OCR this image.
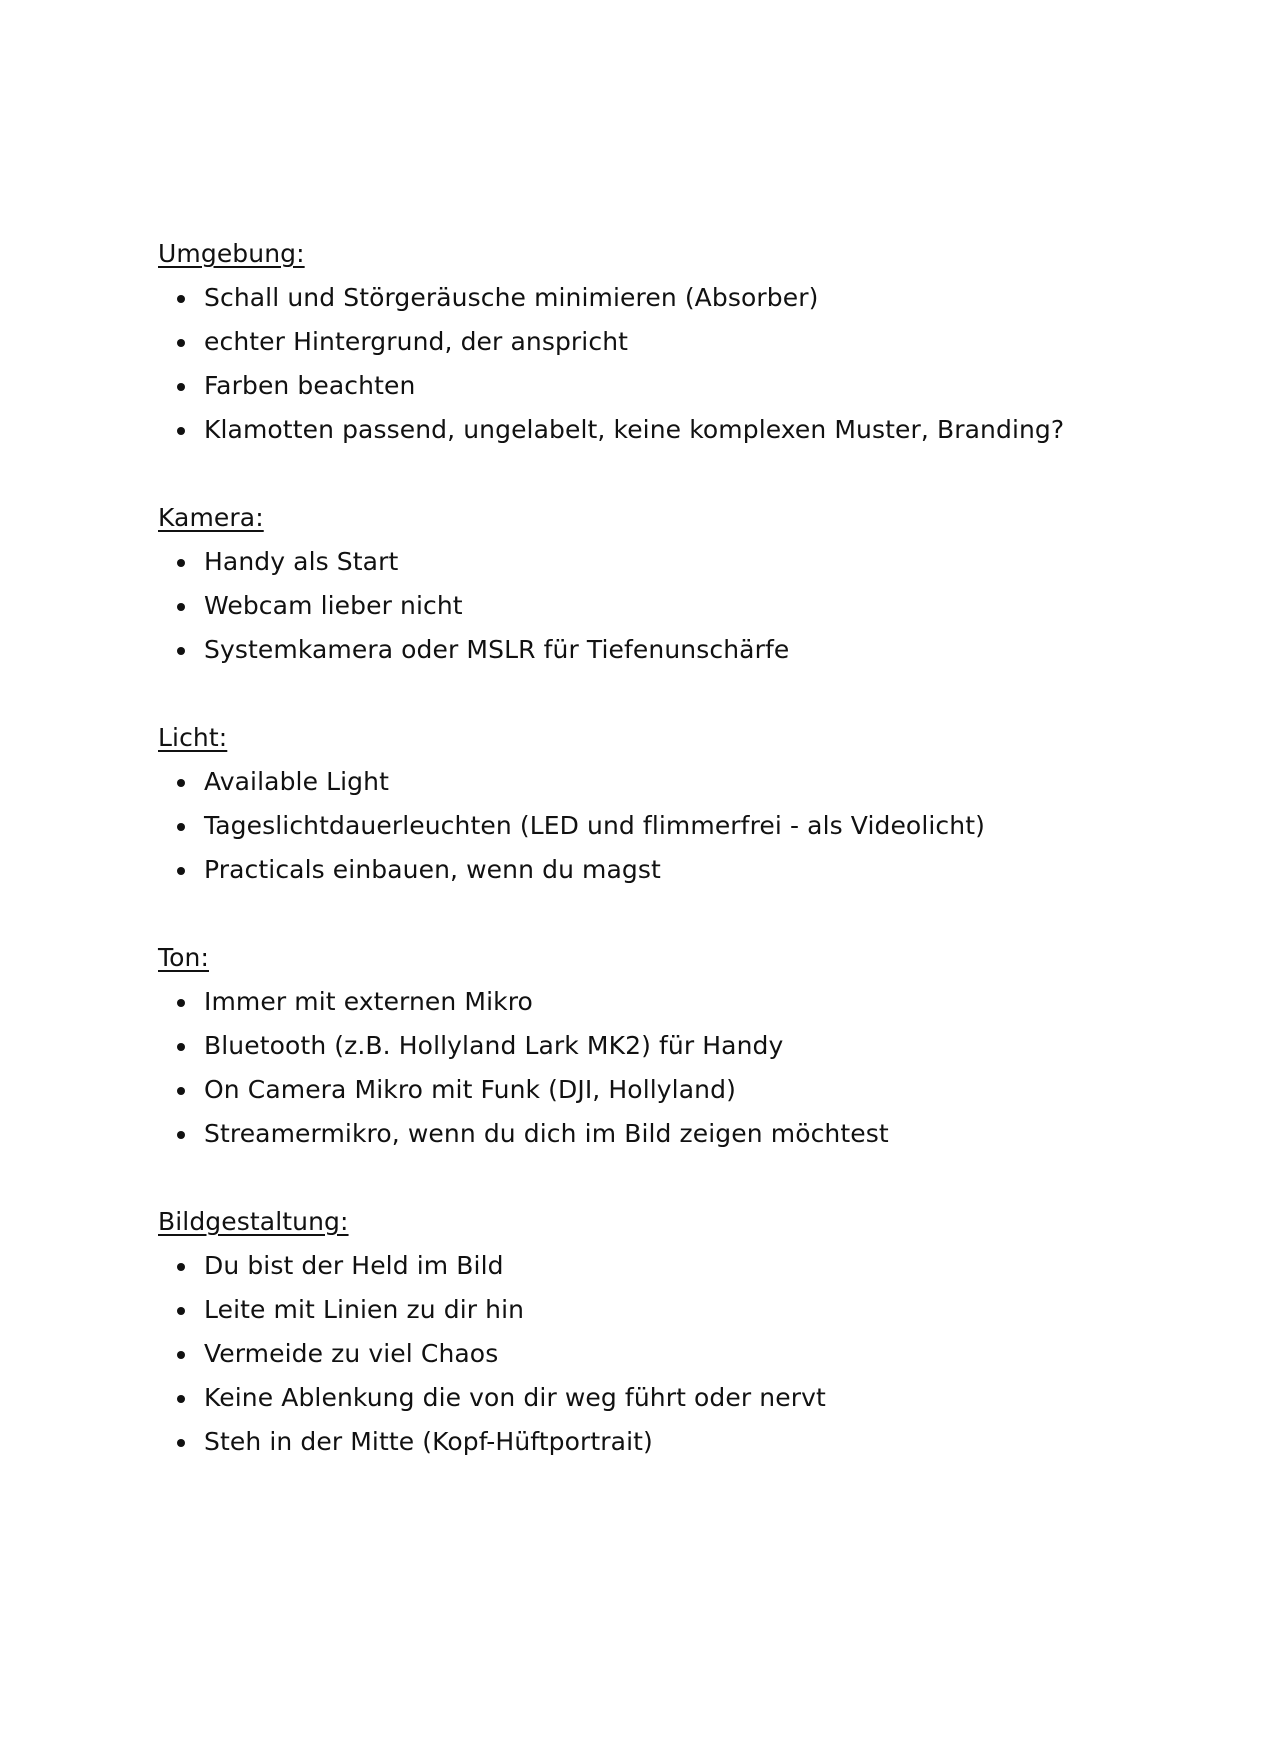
Umgebung:
Schall und Störgeräusche minimieren (Absorber)
echter Hintergrund, der anspricht
Farben beachten
Klamotten passend, ungelabelt, keine komplexen Muster, Branding?
Kamera:
Handy als Start
Webcam lieber nicht
Systemkamera oder MSLR für Tiefenunschärfe
Licht:
Available Light
Tageslichtdauerleuchten (LED und flimmerfrei - als Videolicht)
Practicals einbauen, wenn du magst
Ton:
Immer mit externen Mikro
Bluetooth (z.B. Hollyland Lark MK2) für Handy
On Camera Mikro mit Funk (DJI, Hollyland)
Streamermikro, wenn du dich im Bild zeigen möchtest
Bildgestaltung:
Du bist der Held im Bild
Leite mit Linien zu dir hin
Vermeide zu viel Chaos
Keine Ablenkung die von dir weg führt oder nervt
Steh in der Mitte (Kopf-Hüftportrait)
